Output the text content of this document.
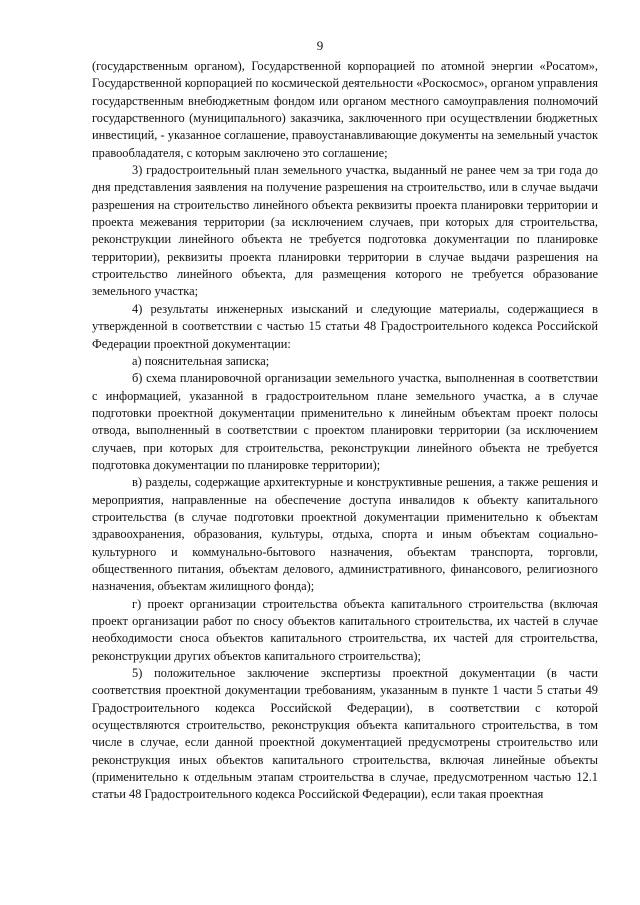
9

(государственным органом), Государственной корпорацией по атомной энергии «Росатом», Государственной корпорацией по космической деятельности «Роскосмос», органом управления государственным внебюджетным фондом или органом местного самоуправления полномочий государственного (муниципального) заказчика, заключенного при осуществлении бюджетных инвестиций, - указанное соглашение, правоустанавливающие документы на земельный участок правообладателя, с которым заключено это соглашение;

3) градостроительный план земельного участка, выданный не ранее чем за три года до дня представления заявления на получение разрешения на строительство, или в случае выдачи разрешения на строительство линейного объекта реквизиты проекта планировки территории и проекта межевания территории (за исключением случаев, при которых для строительства, реконструкции линейного объекта не требуется подготовка документации по планировке территории), реквизиты проекта планировки территории в случае выдачи разрешения на строительство линейного объекта, для размещения которого не требуется образование земельного участка;

4) результаты инженерных изысканий и следующие материалы, содержащиеся в утвержденной в соответствии с частью 15 статьи 48 Градостроительного кодекса Российской Федерации проектной документации:

а) пояснительная записка;

б) схема планировочной организации земельного участка, выполненная в соответствии с информацией, указанной в градостроительном плане земельного участка, а в случае подготовки проектной документации применительно к линейным объектам проект полосы отвода, выполненный в соответствии с проектом планировки территории (за исключением случаев, при которых для строительства, реконструкции линейного объекта не требуется подготовка документации по планировке территории);

в) разделы, содержащие архитектурные и конструктивные решения, а также решения и мероприятия, направленные на обеспечение доступа инвалидов к объекту капитального строительства (в случае подготовки проектной документации применительно к объектам здравоохранения, образования, культуры, отдыха, спорта и иным объектам социально-культурного и коммунально-бытового назначения, объектам транспорта, торговли, общественного питания, объектам делового, административного, финансового, религиозного назначения, объектам жилищного фонда);

г) проект организации строительства объекта капитального строительства (включая проект организации работ по сносу объектов капитального строительства, их частей в случае необходимости сноса объектов капитального строительства, их частей для строительства, реконструкции других объектов капитального строительства);

5) положительное заключение экспертизы проектной документации (в части соответствия проектной документации требованиям, указанным в пункте 1 части 5 статьи 49 Градостроительного кодекса Российской Федерации), в соответствии с которой осуществляются строительство, реконструкция объекта капитального строительства, в том числе в случае, если данной проектной документацией предусмотрены строительство или реконструкция иных объектов капитального строительства, включая линейные объекты (применительно к отдельным этапам строительства в случае, предусмотренном частью 12.1 статьи 48 Градостроительного кодекса Российской Федерации), если такая проектная
